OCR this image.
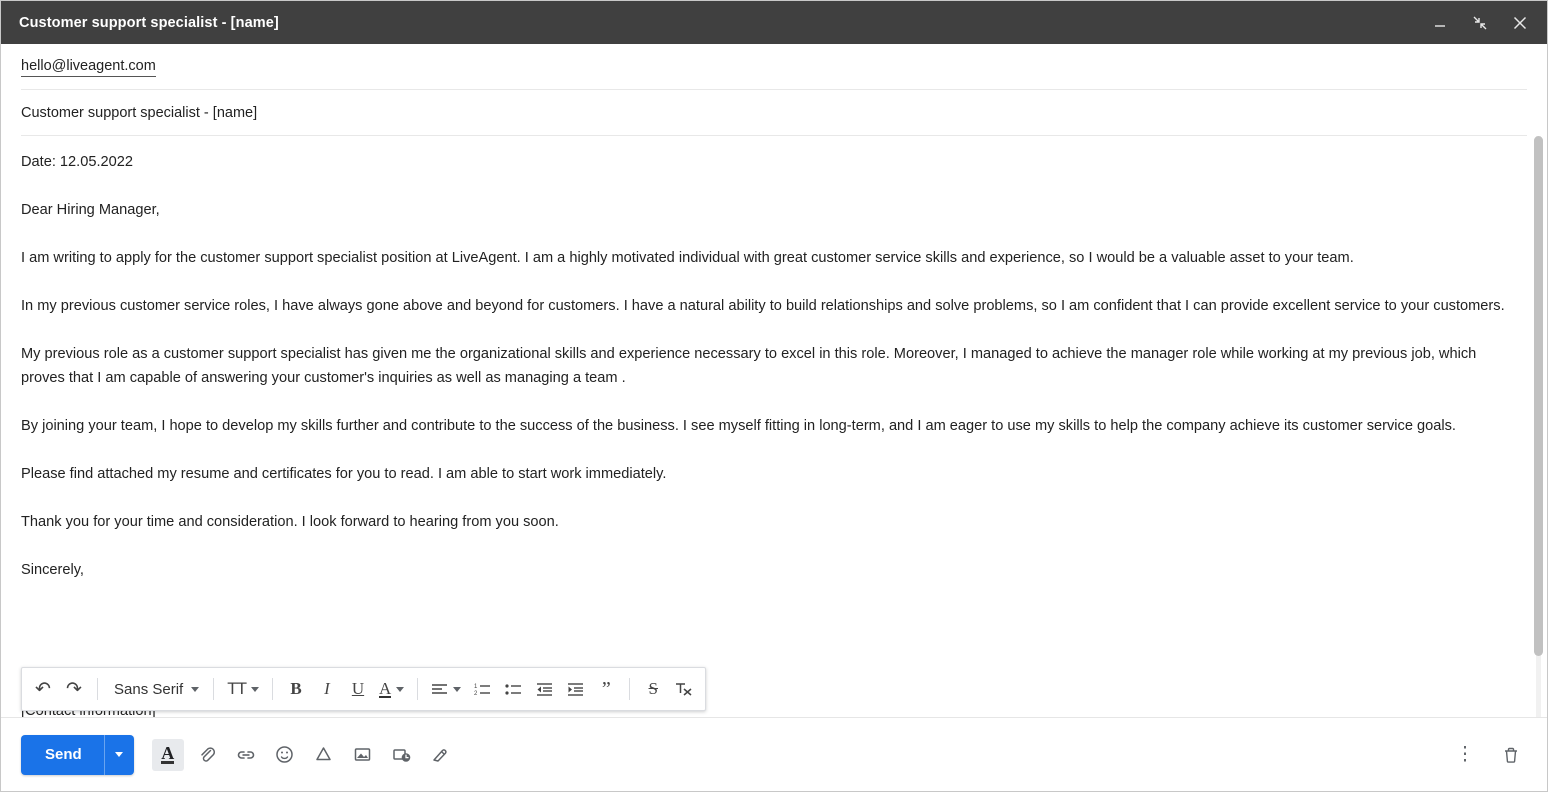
Customer support specialist - [name]
hello@liveagent.com
Customer support specialist - [name]

Date: 12.05.2022

Dear Hiring Manager,

I am writing to apply for the customer support specialist position at LiveAgent. I am a highly motivated individual with great customer service skills and experience, so I would be a valuable asset to your team.

In my previous customer service roles, I have always gone above and beyond for customers. I have a natural ability to build relationships and solve problems, so I am confident that I can provide excellent service to your customers.

My previous role as a customer support specialist has given me the organizational skills and experience necessary to excel in this role. Moreover, I managed to achieve the manager role while working at my previous job, which proves that I am capable of answering your customer's inquiries as well as managing a team .

By joining your team, I hope to develop my skills further and contribute to the success of the business. I see myself fitting in long-term, and I am eager to use my skills to help the company achieve its customer service goals.

Please find attached my resume and certificates for you to read. I am able to start work immediately.

Thank you for your time and consideration. I look forward to hearing from you soon.

Sincerely,

↶ ↷	Sans Serif	TT	B	I	U A	1
2	”	S
Send	A	⋮
